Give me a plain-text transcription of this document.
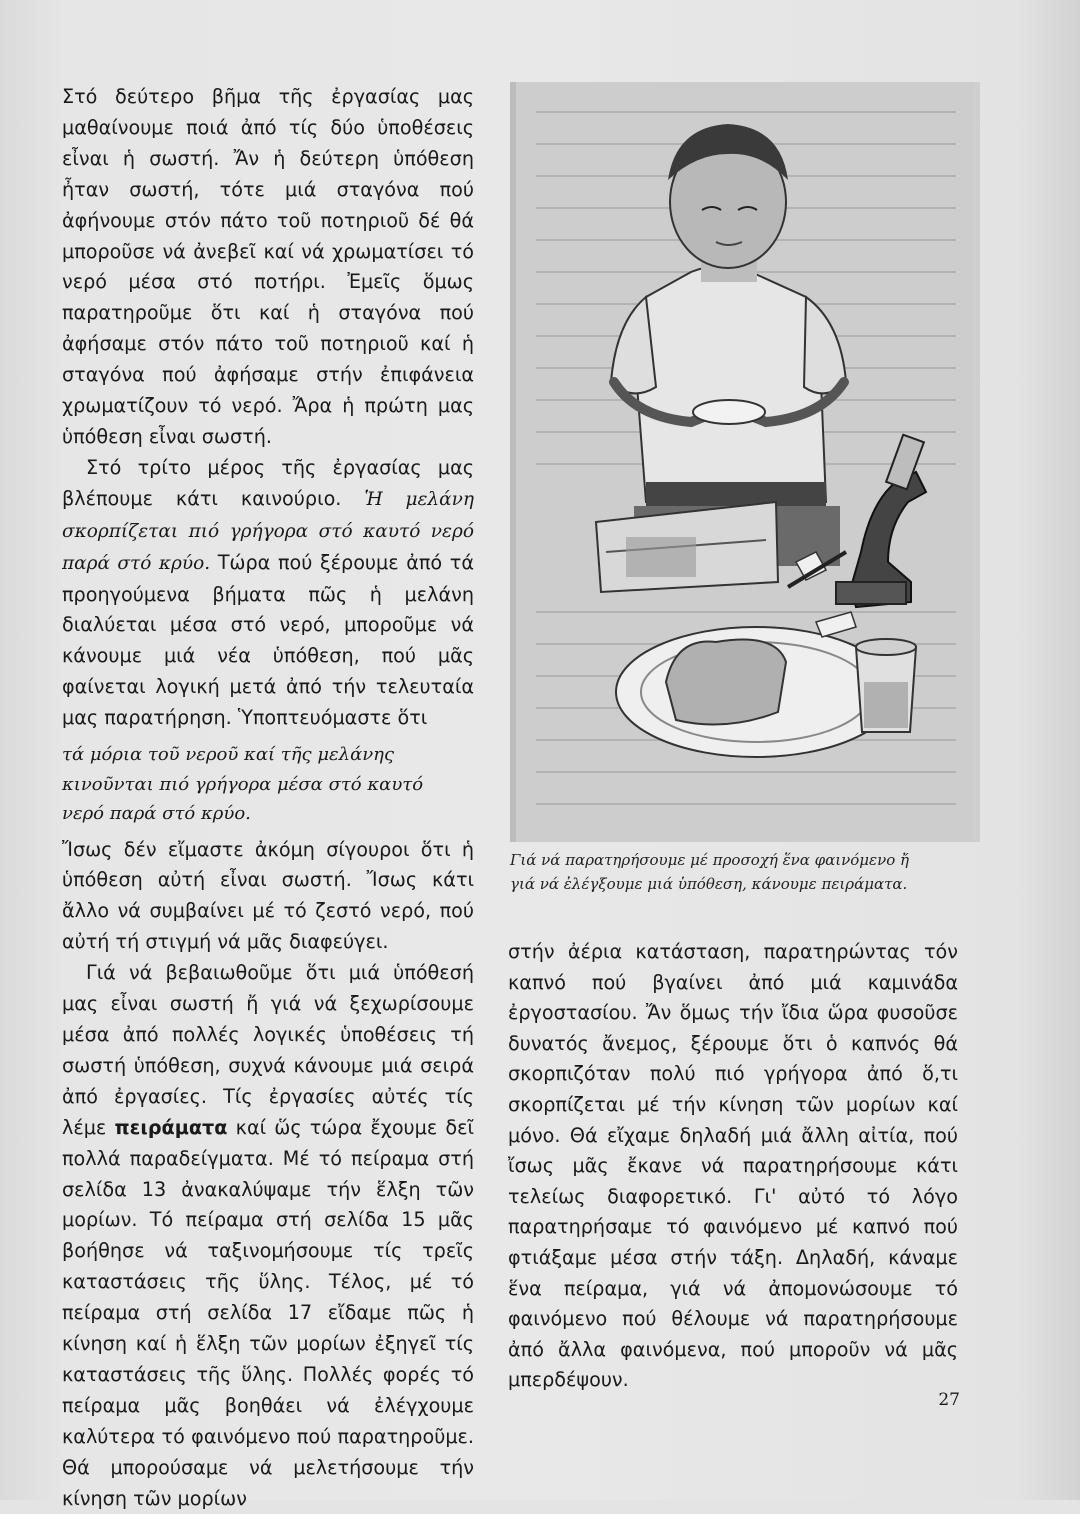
Στό δεύτερο βῆμα τῆς ἐργασίας μας μαθαίνουμε ποιά ἀπό τίς δύο ὑποθέσεις εἶναι ἡ σωστή. Ἄν ἡ δεύτερη ὑπόθεση ἦταν σωστή, τότε μιά σταγόνα πού ἀφήνουμε στόν πάτο τοῦ ποτηριοῦ δέ θά μποροῦσε νά ἀνεβεῖ καί νά χρωματίσει τό νερό μέσα στό ποτήρι. Ἐμεῖς ὅμως παρατηροῦμε ὅτι καί ἡ σταγόνα πού ἀφήσαμε στόν πάτο τοῦ ποτηριοῦ καί ἡ σταγόνα πού ἀφήσαμε στήν ἐπιφάνεια χρωματίζουν τό νερό. Ἄρα ἡ πρώτη μας ὑπόθεση εἶναι σωστή.

Στό τρίτο μέρος τῆς ἐργασίας μας βλέπουμε κάτι καινούριο. Ἡ μελάνη σκορπίζεται πιό γρήγορα στό καυτό νερό παρά στό κρύο. Τώρα πού ξέρουμε ἀπό τά προηγούμενα βήματα πῶς ἡ μελάνη διαλύεται μέσα στό νερό, μποροῦμε νά κάνουμε μιά νέα ὑπόθεση, πού μᾶς φαίνεται λογική μετά ἀπό τήν τελευταία μας παρατήρηση. Ὑποπτευόμαστε ὅτι

τά μόρια τοῦ νεροῦ καί τῆς μελάνης
κινοῦνται πιό γρήγορα μέσα στό καυτό
νερό παρά στό κρύο.

Ἴσως δέν εἴμαστε ἀκόμη σίγουροι ὅτι ἡ ὑπόθεση αὐτή εἶναι σωστή. Ἴσως κάτι ἄλλο νά συμβαίνει μέ τό ζεστό νερό, πού αὐτή τή στιγμή νά μᾶς διαφεύγει.

Γιά νά βεβαιωθοῦμε ὅτι μιά ὑπόθεσή μας εἶναι σωστή ἤ γιά νά ξεχωρίσουμε μέσα ἀπό πολλές λογικές ὑποθέσεις τή σωστή ὑπόθεση, συχνά κάνουμε μιά σειρά ἀπό ἐργασίες. Τίς ἐργασίες αὐτές τίς λέμε πειράματα καί ὥς τώρα ἔχουμε δεῖ πολλά παραδείγματα. Μέ τό πείραμα στή σελίδα 13 ἀνακαλύψαμε τήν ἕλξη τῶν μορίων. Τό πείραμα στή σελίδα 15 μᾶς βοήθησε νά ταξινομήσουμε τίς τρεῖς καταστάσεις τῆς ὕλης. Τέλος, μέ τό πείραμα στή σελίδα 17 εἴδαμε πῶς ἡ κίνηση καί ἡ ἕλξη τῶν μορίων ἐξηγεῖ τίς καταστάσεις τῆς ὕλης. Πολλές φορές τό πείραμα μᾶς βοηθάει νά ἐλέγχουμε καλύτερα τό φαινόμενο πού παρατηροῦμε. Θά μπορούσαμε νά μελετήσουμε τήν κίνηση τῶν μορίων

Γιά νά παρατηρήσουμε μέ προσοχή ἕνα φαινόμενο ἤ
γιά νά ἐλέγξουμε μιά ὑπόθεση, κάνουμε πειράματα.

στήν ἀέρια κατάσταση, παρατηρώντας τόν καπνό πού βγαίνει ἀπό μιά καμινάδα ἐργοστασίου. Ἄν ὅμως τήν ἴδια ὥρα φυσοῦσε δυνατός ἄνεμος, ξέρουμε ὅτι ὁ καπνός θά σκορπιζόταν πολύ πιό γρήγορα ἀπό ὅ,τι σκορπίζεται μέ τήν κίνηση τῶν μορίων καί μόνο. Θά εἴχαμε δηλαδή μιά ἄλλη αἰτία, πού ἴσως μᾶς ἔκανε νά παρατηρήσουμε κάτι τελείως διαφορετικό. Γι' αὐτό τό λόγο παρατηρήσαμε τό φαινόμενο μέ καπνό πού φτιάξαμε μέσα στήν τάξη. Δηλαδή, κάναμε ἕνα πείραμα, γιά νά ἀπομονώσουμε τό φαινόμενο πού θέλουμε νά παρατηρήσουμε ἀπό ἄλλα φαινόμενα, πού μποροῦν νά μᾶς μπερδέψουν.

27
